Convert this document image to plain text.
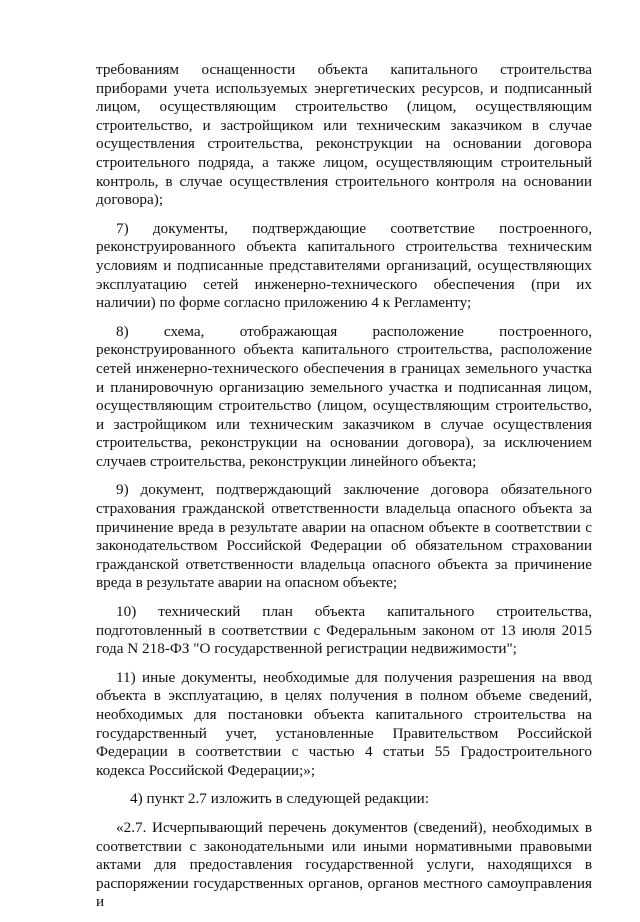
требованиям оснащенности объекта капитального строительства приборами учета используемых энергетических ресурсов, и подписанный лицом, осуществляющим строительство (лицом, осуществляющим строительство, и застройщиком или техническим заказчиком в случае осуществления строительства, реконструкции на основании договора строительного подряда, а также лицом, осуществляющим строительный контроль, в случае осуществления строительного контроля на основании договора);

7) документы, подтверждающие соответствие построенного, реконструированного объекта капитального строительства техническим условиям и подписанные представителями организаций, осуществляющих эксплуатацию сетей инженерно-технического обеспечения (при их наличии) по форме согласно приложению 4 к Регламенту;

8) схема, отображающая расположение построенного, реконструированного объекта капитального строительства, расположение сетей инженерно-технического обеспечения в границах земельного участка и планировочную организацию земельного участка и подписанная лицом, осуществляющим строительство (лицом, осуществляющим строительство, и застройщиком или техническим заказчиком в случае осуществления строительства, реконструкции на основании договора), за исключением случаев строительства, реконструкции линейного объекта;

9) документ, подтверждающий заключение договора обязательного страхования гражданской ответственности владельца опасного объекта за причинение вреда в результате аварии на опасном объекте в соответствии с законодательством Российской Федерации об обязательном страховании гражданской ответственности владельца опасного объекта за причинение вреда в результате аварии на опасном объекте;

10) технический план объекта капитального строительства, подготовленный в соответствии с Федеральным законом от 13 июля 2015 года N 218-ФЗ "О государственной регистрации недвижимости";

11) иные документы, необходимые для получения разрешения на ввод объекта в эксплуатацию, в целях получения в полном объеме сведений, необходимых для постановки объекта капитального строительства на государственный учет, установленные Правительством Российской Федерации в соответствии с частью 4 статьи 55 Градостроительного кодекса Российской Федерации;»;

4) пункт 2.7 изложить в следующей редакции:

«2.7. Исчерпывающий перечень документов (сведений), необходимых в соответствии с законодательными или иными нормативными правовыми актами для предоставления государственной услуги, находящихся в распоряжении государственных органов, органов местного самоуправления и
